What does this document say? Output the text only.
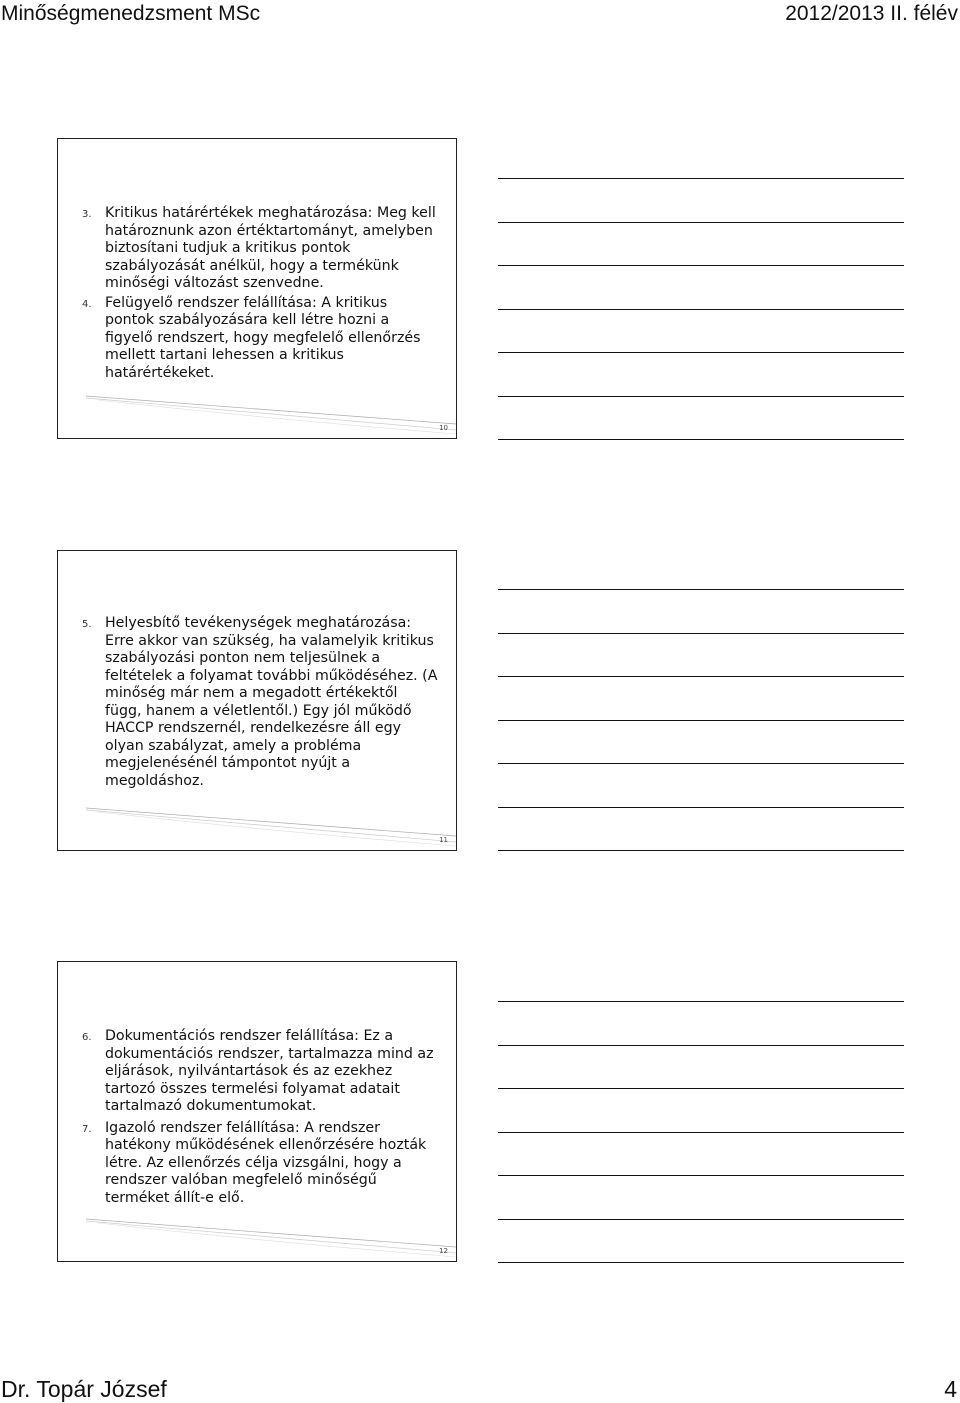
Minőségmenedzsment MSc	2012/2013 II. félév
3. Kritikus határértékek meghatározása: Meg kell határoznunk azon értéktartományt, amelyben biztosítani tudjuk a kritikus pontok szabályozását anélkül, hogy a termékünk minőségi változást szenvedne.
4. Felügyelő rendszer felállítása: A kritikus pontok szabályozására kell létre hozni a figyelő rendszert, hogy megfelelő ellenőrzés mellett tartani lehessen a kritikus határértékeket.
10
5. Helyesbítő tevékenységek meghatározása: Erre akkor van szükség, ha valamelyik kritikus szabályozási ponton nem teljesülnek a feltételek a folyamat további működéséhez. (A minőség már nem a megadott értékektől függ, hanem a véletlentől.) Egy jól működő HACCP rendszernél, rendelkezésre áll egy olyan szabályzat, amely a probléma megjelenésénél támpontot nyújt a megoldáshoz.
11
6. Dokumentációs rendszer felállítása: Ez a dokumentációs rendszer, tartalmazza mind az eljárások, nyilvántartások és az ezekhez tartozó összes termelési folyamat adatait tartalmazó dokumentumokat.
7. Igazoló rendszer felállítása: A rendszer hatékony működésének ellenőrzésére hozták létre. Az ellenőrzés célja vizsgálni, hogy a rendszer valóban megfelelő minőségű terméket állít-e elő.
12
Dr. Topár József	4
